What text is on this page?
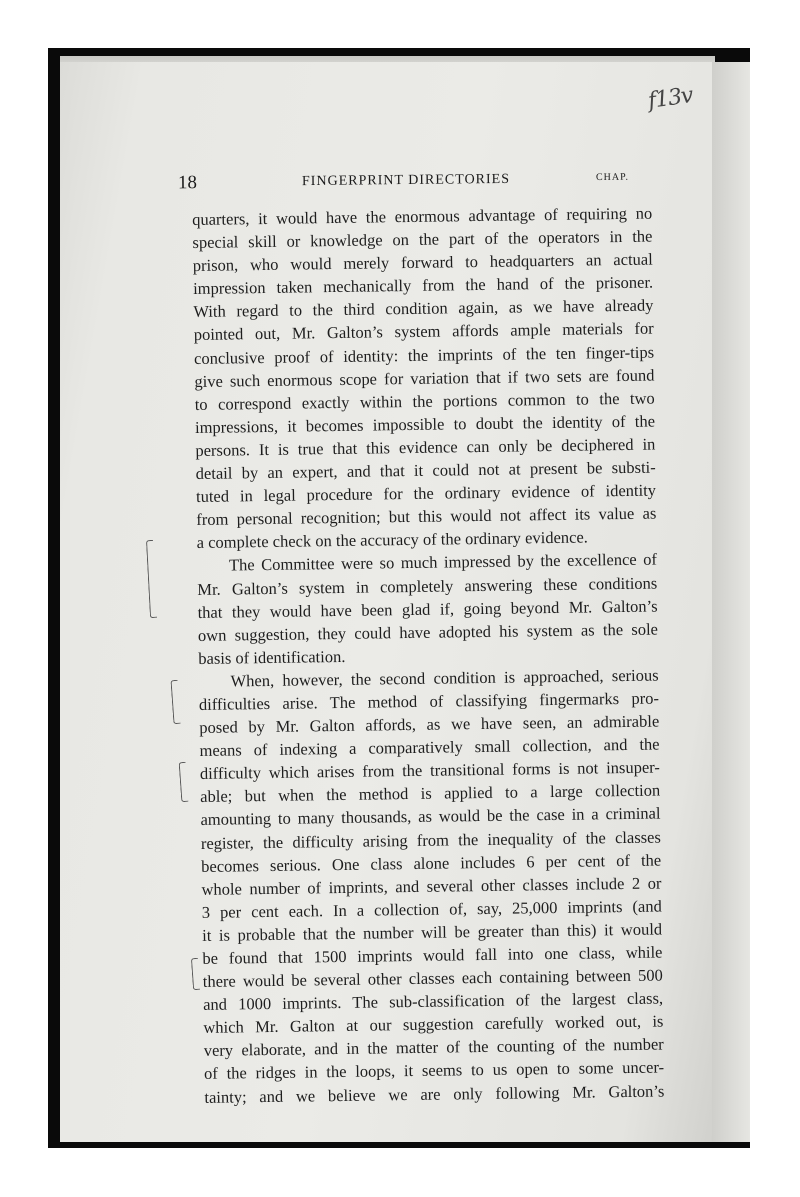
f13v
18	FINGERPRINT DIRECTORIES	CHAP.
quarters, it would have the enormous advantage of requiring no
special skill or knowledge on the part of the operators in the
prison, who would merely forward to headquarters an actual
impression taken mechanically from the hand of the prisoner.
With regard to the third condition again, as we have already
pointed out, Mr. Galton’s system affords ample materials for
conclusive proof of identity: the imprints of the ten finger-tips
give such enormous scope for variation that if two sets are found
to correspond exactly within the portions common to the two
impressions, it becomes impossible to doubt the identity of the
persons. It is true that this evidence can only be deciphered in
detail by an expert, and that it could not at present be substi-
tuted in legal procedure for the ordinary evidence of identity
from personal recognition; but this would not affect its value as
a complete check on the accuracy of the ordinary evidence.
The Committee were so much impressed by the excellence of
Mr. Galton’s system in completely answering these conditions
that they would have been glad if, going beyond Mr. Galton’s
own suggestion, they could have adopted his system as the sole
basis of identification.
When, however, the second condition is approached, serious
difficulties arise. The method of classifying fingermarks pro-
posed by Mr. Galton affords, as we have seen, an admirable
means of indexing a comparatively small collection, and the
difficulty which arises from the transitional forms is not insuper-
able; but when the method is applied to a large collection
amounting to many thousands, as would be the case in a criminal
register, the difficulty arising from the inequality of the classes
becomes serious. One class alone includes 6 per cent of the
whole number of imprints, and several other classes include 2 or
3 per cent each. In a collection of, say, 25,000 imprints (and
it is probable that the number will be greater than this) it would
be found that 1500 imprints would fall into one class, while
there would be several other classes each containing between 500
and 1000 imprints. The sub-classification of the largest class,
which Mr. Galton at our suggestion carefully worked out, is
very elaborate, and in the matter of the counting of the number
of the ridges in the loops, it seems to us open to some uncer-
tainty; and we believe we are only following Mr. Galton’s
